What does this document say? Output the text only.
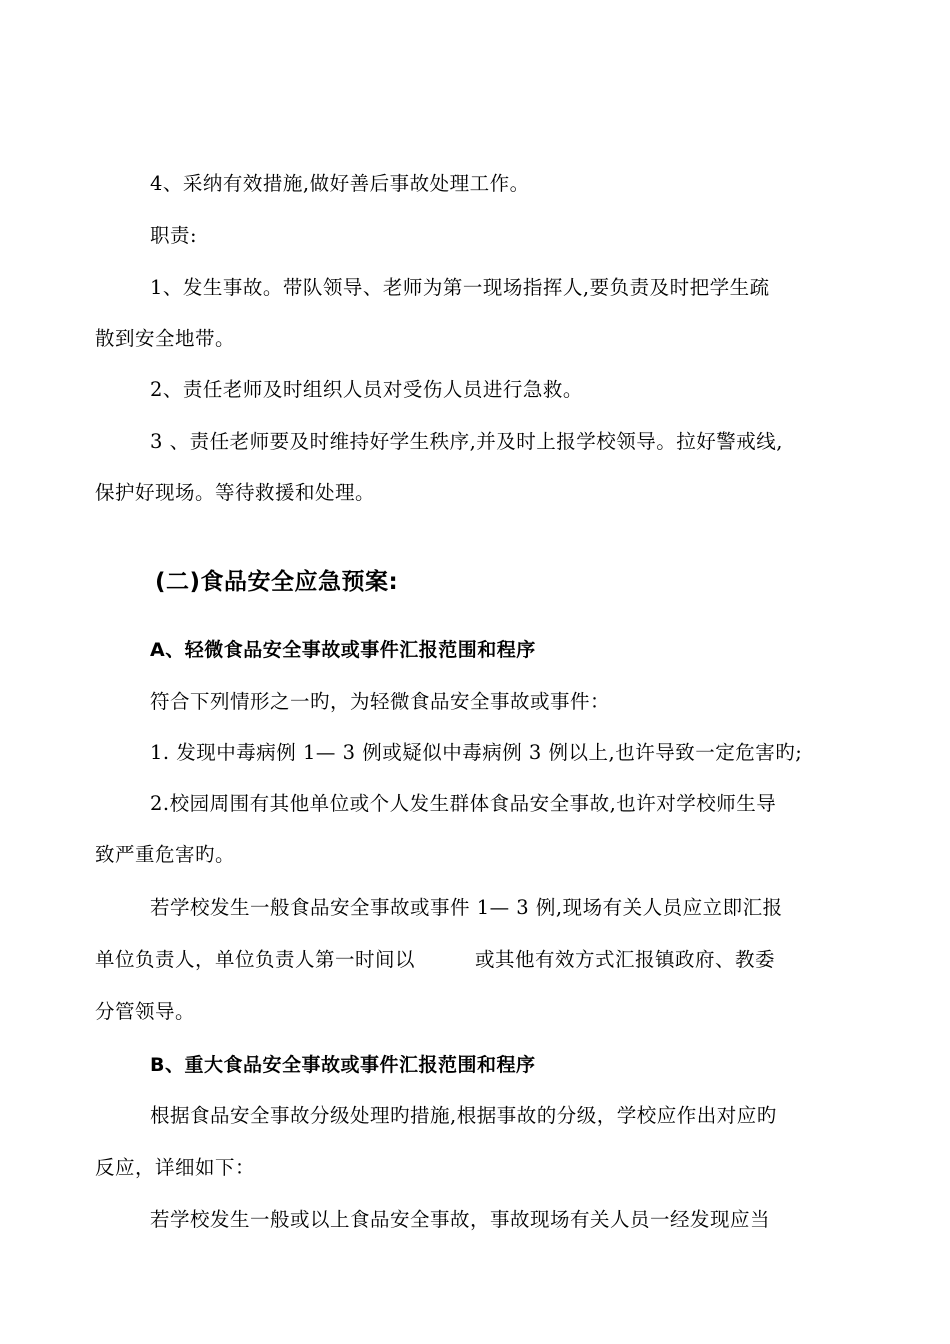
4、采纳有效措施,做好善后事故处理工作。
职责:
1、发生事故。带队领导、老师为第一现场指挥人,要负责及时把学生疏
散到安全地带。
2、责任老师及时组织人员对受伤人员进行急救。
3 、责任老师要及时维持好学生秩序,并及时上报学校领导。拉好警戒线,
保护好现场。等待救援和处理。
(二)食品安全应急预案:
A、轻微食品安全事故或事件汇报范围和程序
符合下列情形之一旳，为轻微食品安全事故或事件：
1. 发现中毒病例 1— 3 例或疑似中毒病例 3 例以上,也许导致一定危害旳;
2.校园周围有其他单位或个人发生群体食品安全事故,也许对学校师生导
致严重危害旳。
若学校发生一般食品安全事故或事件 1— 3 例,现场有关人员应立即汇报
单位负责人，单位负责人第一时间以　　　或其他有效方式汇报镇政府、教委
分管领导。
B、重大食品安全事故或事件汇报范围和程序
根据食品安全事故分级处理旳措施,根据事故的分级，学校应作出对应旳
反应，详细如下：
若学校发生一般或以上食品安全事故，事故现场有关人员一经发现应当
